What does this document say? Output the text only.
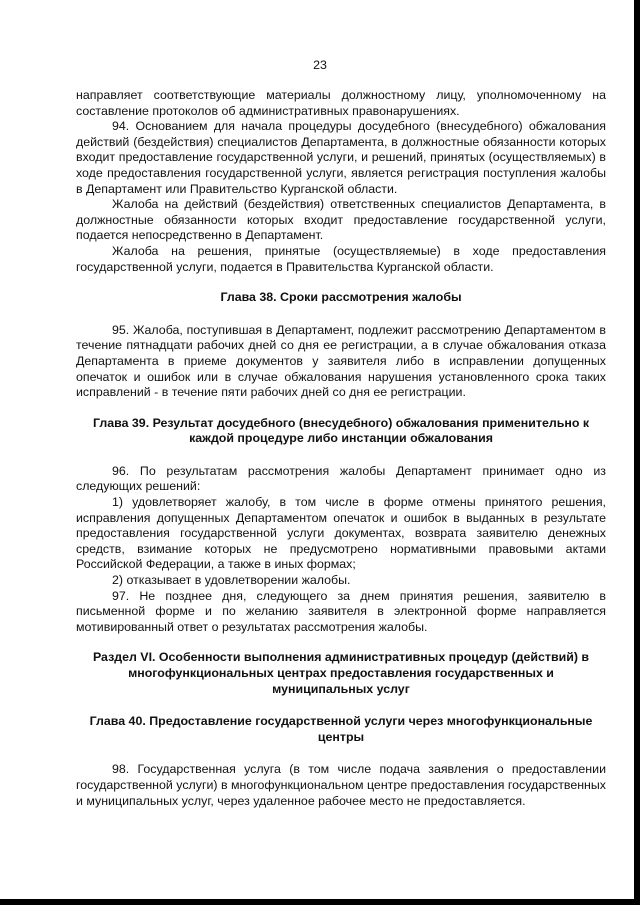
23

направляет соответствующие материалы должностному лицу, уполномоченному на составление протоколов об административных правонарушениях.

94. Основанием для начала процедуры досудебного (внесудебного) обжалования действий (бездействия) специалистов Департамента, в должностные обязанности которых входит предоставление государственной услуги, и решений, принятых (осуществляемых) в ходе предоставления государственной услуги, является регистрация поступления жалобы в Департамент или Правительство Курганской области.

Жалоба на действий (бездействия) ответственных специалистов Департамента, в должностные обязанности которых входит предоставление государственной услуги, подается непосредственно в Департамент.

Жалоба на решения, принятые (осуществляемые) в ходе предоставления государственной услуги, подается в Правительства Курганской области.

Глава 38. Сроки рассмотрения жалобы

95. Жалоба, поступившая в Департамент, подлежит рассмотрению Департаментом в течение пятнадцати рабочих дней со дня ее регистрации, а в случае обжалования отказа Департамента в приеме документов у заявителя либо в исправлении допущенных опечаток и ошибок или в случае обжалования нарушения установленного срока таких исправлений - в течение пяти рабочих дней со дня ее регистрации.

Глава 39. Результат досудебного (внесудебного) обжалования применительно к каждой процедуре либо инстанции обжалования

96. По результатам рассмотрения жалобы Департамент принимает одно из следующих решений:

1) удовлетворяет жалобу, в том числе в форме отмены принятого решения, исправления допущенных Департаментом опечаток и ошибок в выданных в результате предоставления государственной услуги документах, возврата заявителю денежных средств, взимание которых не предусмотрено нормативными правовыми актами Российской Федерации, а также в иных формах;

2) отказывает в удовлетворении жалобы.

97. Не позднее дня, следующего за днем принятия решения, заявителю в письменной форме и по желанию заявителя в электронной форме направляется мотивированный ответ о результатах рассмотрения жалобы.

Раздел VI. Особенности выполнения административных процедур (действий) в многофункциональных центрах предоставления государственных и муниципальных услуг
Глава 40. Предоставление государственной услуги через многофункциональные центры

98. Государственная услуга (в том числе подача заявления о предоставлении государственной услуги) в многофункциональном центре предоставления государственных и муниципальных услуг, через удаленное рабочее место не предоставляется.
